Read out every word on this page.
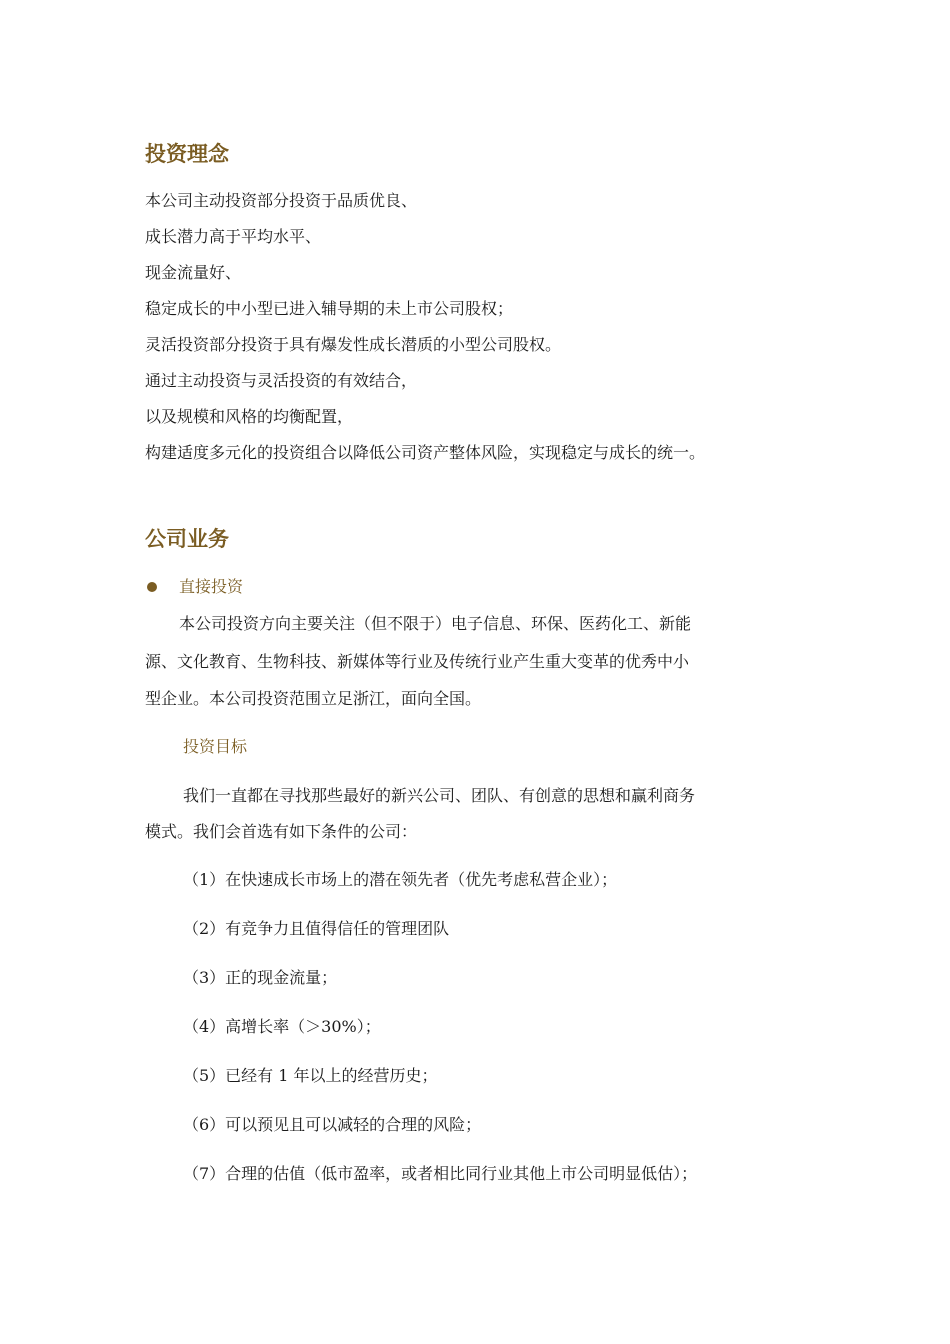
投资理念
本公司主动投资部分投资于品质优良、
成长潜力高于平均水平、
现金流量好、
稳定成长的中小型已进入辅导期的未上市公司股权；
灵活投资部分投资于具有爆发性成长潜质的小型公司股权。
通过主动投资与灵活投资的有效结合，
以及规模和风格的均衡配置，
构建适度多元化的投资组合以降低公司资产整体风险，实现稳定与成长的统一。
公司业务
直接投资
本公司投资方向主要关注（但不限于）电子信息、环保、医药化工、新能
源、文化教育、生物科技、新媒体等行业及传统行业产生重大变革的优秀中小
型企业。本公司投资范围立足浙江，面向全国。
投资目标
我们一直都在寻找那些最好的新兴公司、团队、有创意的思想和赢利商务
模式。我们会首选有如下条件的公司：
（1）在快速成长市场上的潜在领先者（优先考虑私营企业）；
（2）有竞争力且值得信任的管理团队
（3）正的现金流量；
（4）高增长率（＞30%）；
（5）已经有 1 年以上的经营历史；
（6）可以预见且可以减轻的合理的风险；
（7）合理的估值（低市盈率，或者相比同行业其他上市公司明显低估）；
